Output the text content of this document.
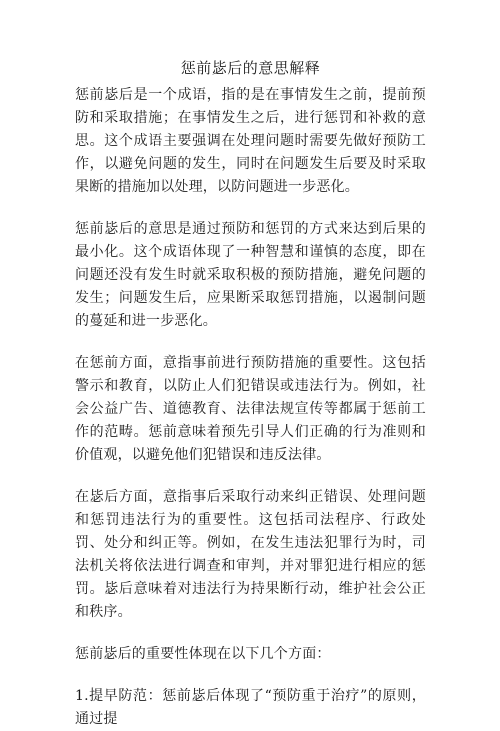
惩前毖后的意思解释

惩前毖后是一个成语，指的是在事情发生之前，提前预防和采取措施；在事情发生之后，进行惩罚和补救的意思。这个成语主要强调在处理问题时需要先做好预防工作，以避免问题的发生，同时在问题发生后要及时采取果断的措施加以处理，以防问题进一步恶化。

惩前毖后的意思是通过预防和惩罚的方式来达到后果的最小化。这个成语体现了一种智慧和谨慎的态度，即在问题还没有发生时就采取积极的预防措施，避免问题的发生；问题发生后，应果断采取惩罚措施，以遏制问题的蔓延和进一步恶化。

在惩前方面，意指事前进行预防措施的重要性。这包括警示和教育，以防止人们犯错误或违法行为。例如，社会公益广告、道德教育、法律法规宣传等都属于惩前工作的范畴。惩前意味着预先引导人们正确的行为准则和价值观，以避免他们犯错误和违反法律。

在毖后方面，意指事后采取行动来纠正错误、处理问题和惩罚违法行为的重要性。这包括司法程序、行政处罚、处分和纠正等。例如，在发生违法犯罪行为时，司法机关将依法进行调查和审判，并对罪犯进行相应的惩罚。毖后意味着对违法行为持果断行动，维护社会公正和秩序。

惩前毖后的重要性体现在以下几个方面：

1.提早防范：惩前毖后体现了“预防重于治疗”的原则，通过提
